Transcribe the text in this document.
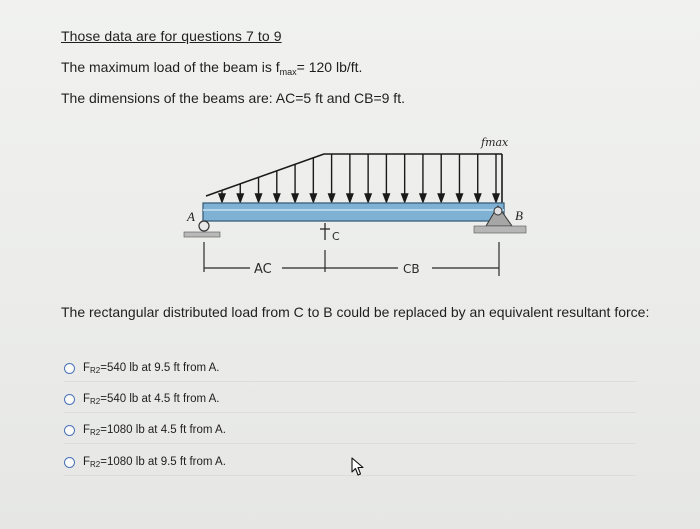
Those data are for questions 7 to 9
The maximum load of the beam is $f_{max}= 120$ lb/ft.
The dimensions of the beams are: AC=5 ft and CB=9 ft.
A	B
C
AC	CB
fmax
The rectangular distributed load from C to B could be replaced by an equivalent resultant force:
$F_{R2}=540$ lb at 9.5 ft from A.
$F_{R2}=540$ lb at 4.5 ft from A.
$F_{R2}=1080$ lb at 4.5 ft from A.
$F_{R2}=1080$ lb at 9.5 ft from A.
